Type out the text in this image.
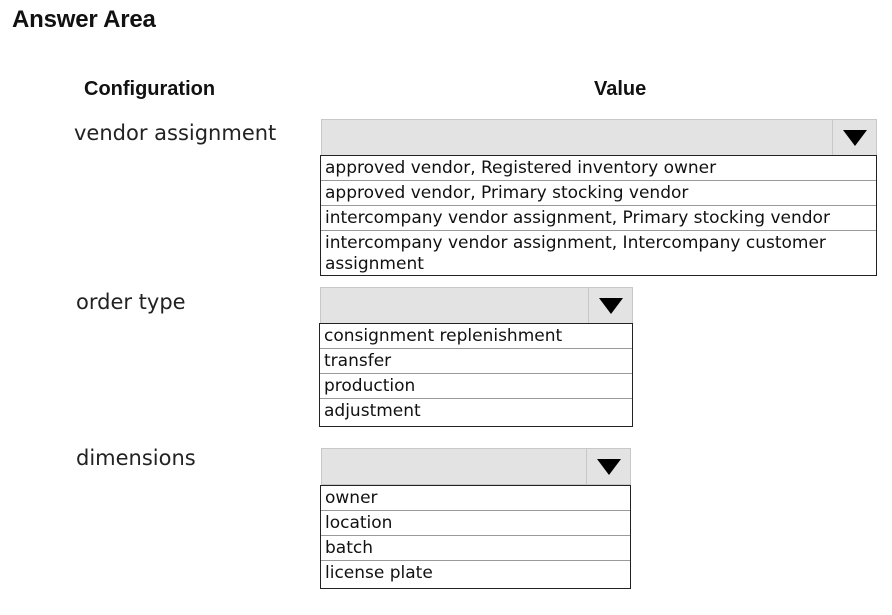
Answer Area
Configuration	Value
vendor assignment
approved vendor, Registered inventory owner
approved vendor, Primary stocking vendor
intercompany vendor assignment, Primary stocking vendor
intercompany vendor assignment, Intercompany customer assignment
order type
consignment replenishment
transfer
production
adjustment
dimensions
owner
location
batch
license plate
